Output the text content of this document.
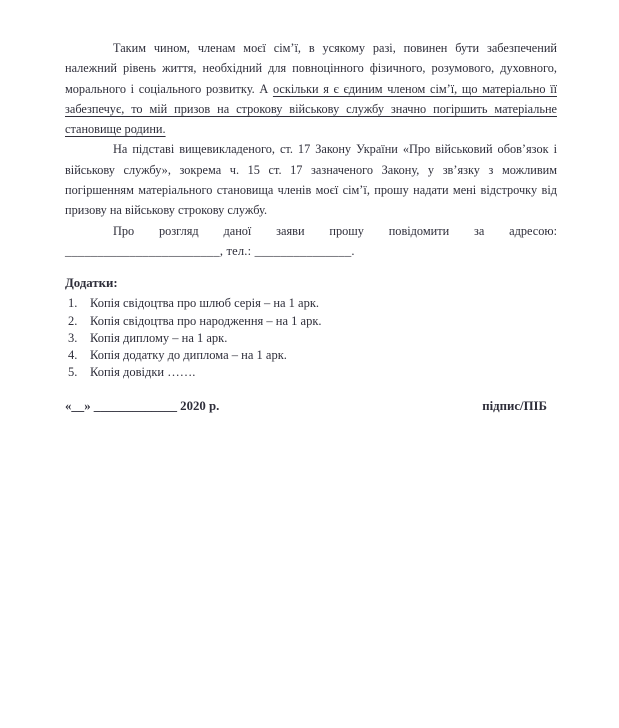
Таким чином, членам моєї сім’ї, в усякому разі, повинен бути забезпечений
належний рівень життя, необхідний для повноцінного фізичного, розумового, духовного,
морального і соціального розвитку. А оскільки я є єдиним членом сім’ї, що матеріально її
забезпечує, то мій призов на строкову військову службу значно погіршить матеріальне
становище родини.
На підставі вищевикладеного, ст. 17 Закону України «Про військовий обов’язок і
військову службу», зокрема ч. 15 ст. 17 зазначеного Закону, у зв’язку з можливим
погіршенням матеріального становища членів моєї сім’ї, прошу надати мені відстрочку від
призову на військову строкову службу.
Про розгляд даної заяви прошу повідомити за адресою:
________________________, тел.: _______________.
Додатки:
1.	Копія свідоцтва про шлюб серія – на 1 арк.
2.	Копія свідоцтва про народження – на 1 арк.
3.	Копія диплому – на 1 арк.
4.	Копія додатку до диплома – на 1 арк.
5.	Копія довідки …….
«__» _____________ 2020 р.	підпис/ПІБ
